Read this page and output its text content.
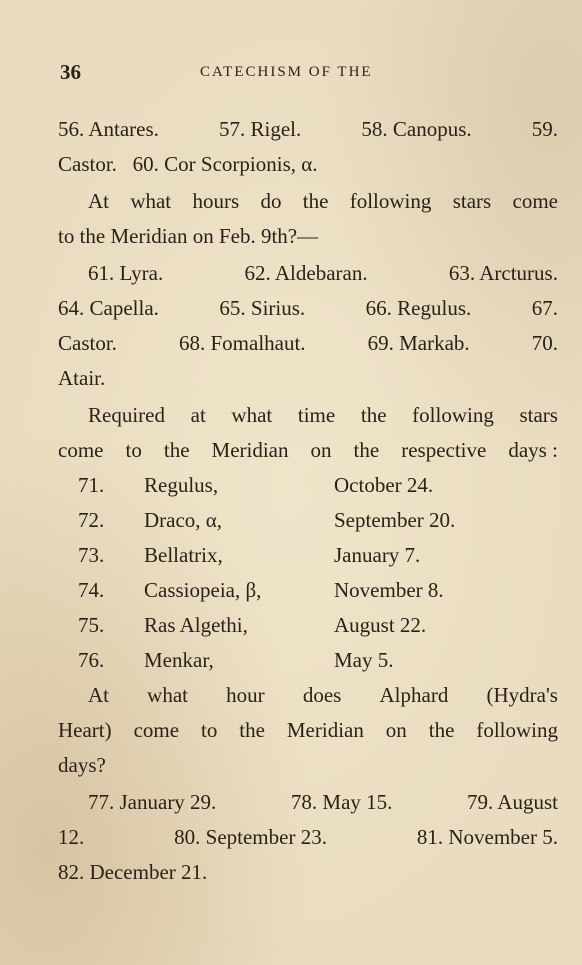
36	CATECHISM OF THE
56. Antares.	57. Rigel.	58. Canopus.	59.
Castor.   60. Cor Scorpionis, α.
At what hours do the following stars come
to the Meridian on Feb. 9th?—
61. Lyra.	62. Aldebaran.	63. Arcturus.
64. Capella.	65. Sirius.	66. Regulus.	67.
Castor.	68. Fomalhaut.	69. Markab.	70.
Atair.
Required at what time the following stars
come to the Meridian on the respective days :
71.	Regulus,	October 24.
72.	Draco, α,	September 20.
73.	Bellatrix,	January 7.
74.	Cassiopeia, β,	November 8.
75.	Ras Algethi,	August 22.
76.	Menkar,	May 5.
At what hour does Alphard (Hydra's
Heart) come to the Meridian on the following
days?
77. January 29.	78. May 15.	79. August
12.	80. September 23.	81. November 5.
82. December 21.
